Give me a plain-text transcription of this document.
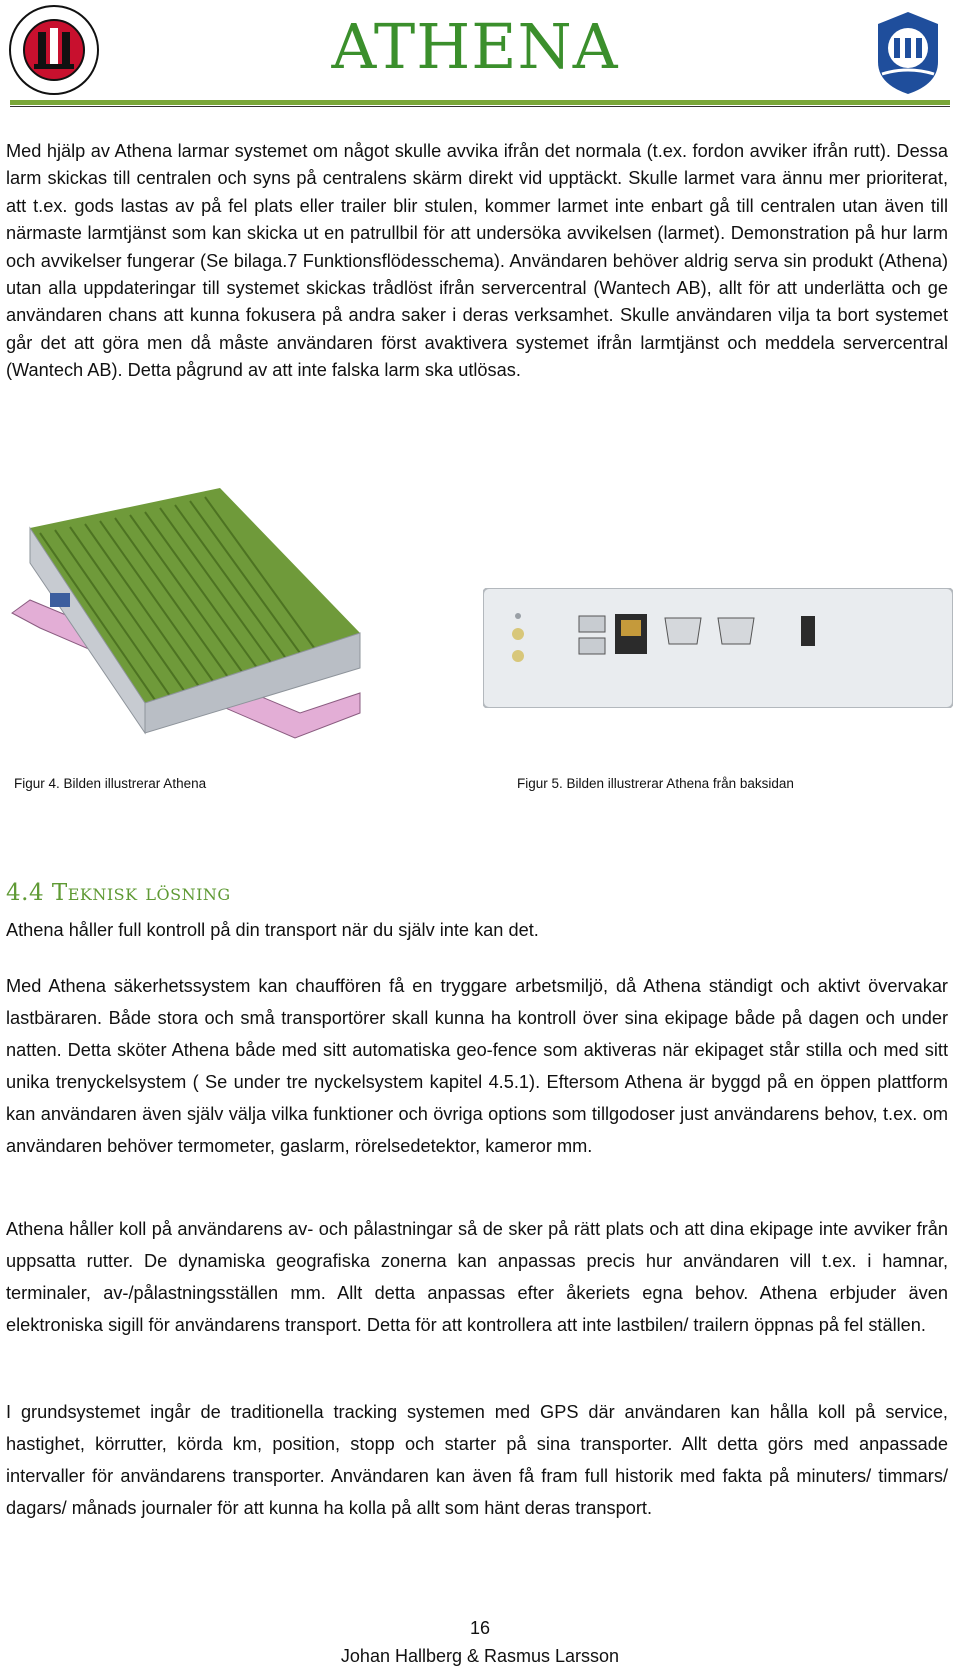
ATHENA

Med hjälp av Athena larmar systemet om något skulle avvika ifrån det normala (t.ex. fordon avviker ifrån rutt). Dessa larm skickas till centralen och syns på centralens skärm direkt vid upptäckt. Skulle larmet vara ännu mer prioriterat, att t.ex. gods lastas av på fel plats eller trailer blir stulen, kommer larmet inte enbart gå till centralen utan även till närmaste larmtjänst som kan skicka ut en patrullbil för att undersöka avvikelsen (larmet). Demonstration på hur larm och avvikelser fungerar (Se bilaga.7 Funktionsflödesschema). Användaren behöver aldrig serva sin produkt (Athena) utan alla uppdateringar till systemet skickas trådlöst ifrån servercentral (Wantech AB), allt för att underlätta och ge användaren chans att kunna fokusera på andra saker i deras verksamhet. Skulle användaren vilja ta bort systemet går det att göra men då måste användaren först avaktivera systemet ifrån larmtjänst och meddela servercentral (Wantech AB). Detta pågrund av att inte falska larm ska utlösas.

Figur 4. Bilden illustrerar Athena	Figur 5. Bilden illustrerar Athena från baksidan
4.4 Teknisk lösning

Athena håller full kontroll på din transport när du själv inte kan det.

Med Athena säkerhetssystem kan chauffören få en tryggare arbetsmiljö, då Athena ständigt och aktivt övervakar lastbäraren. Både stora och små transportörer skall kunna ha kontroll över sina ekipage både på dagen och under natten. Detta sköter Athena både med sitt automatiska geo-fence som aktiveras när ekipaget står stilla och med sitt unika trenyckelsystem ( Se under tre nyckelsystem kapitel 4.5.1). Eftersom Athena är byggd på en öppen plattform kan användaren även själv välja vilka funktioner och övriga options som tillgodoser just användarens behov, t.ex. om användaren behöver termometer, gaslarm, rörelsedetektor, kameror mm.

Athena håller koll på användarens av- och pålastningar så de sker på rätt plats och att dina ekipage inte avviker från uppsatta rutter. De dynamiska geografiska zonerna kan anpassas precis hur användaren vill t.ex. i hamnar, terminaler, av-/pålastningsställen mm. Allt detta anpassas efter åkeriets egna behov. Athena erbjuder även elektroniska sigill för användarens transport. Detta för att kontrollera att inte lastbilen/ trailern öppnas på fel ställen.

I grundsystemet ingår de traditionella tracking systemen med GPS där användaren kan hålla koll på service, hastighet, körrutter, körda km, position, stopp och starter på sina transporter. Allt detta görs med anpassade intervaller för användarens transporter. Användaren kan även få fram full historik med fakta på minuters/ timmars/ dagars/ månads journaler för att kunna ha kolla på allt som hänt deras transport.

16
Johan Hallberg & Rasmus Larsson
